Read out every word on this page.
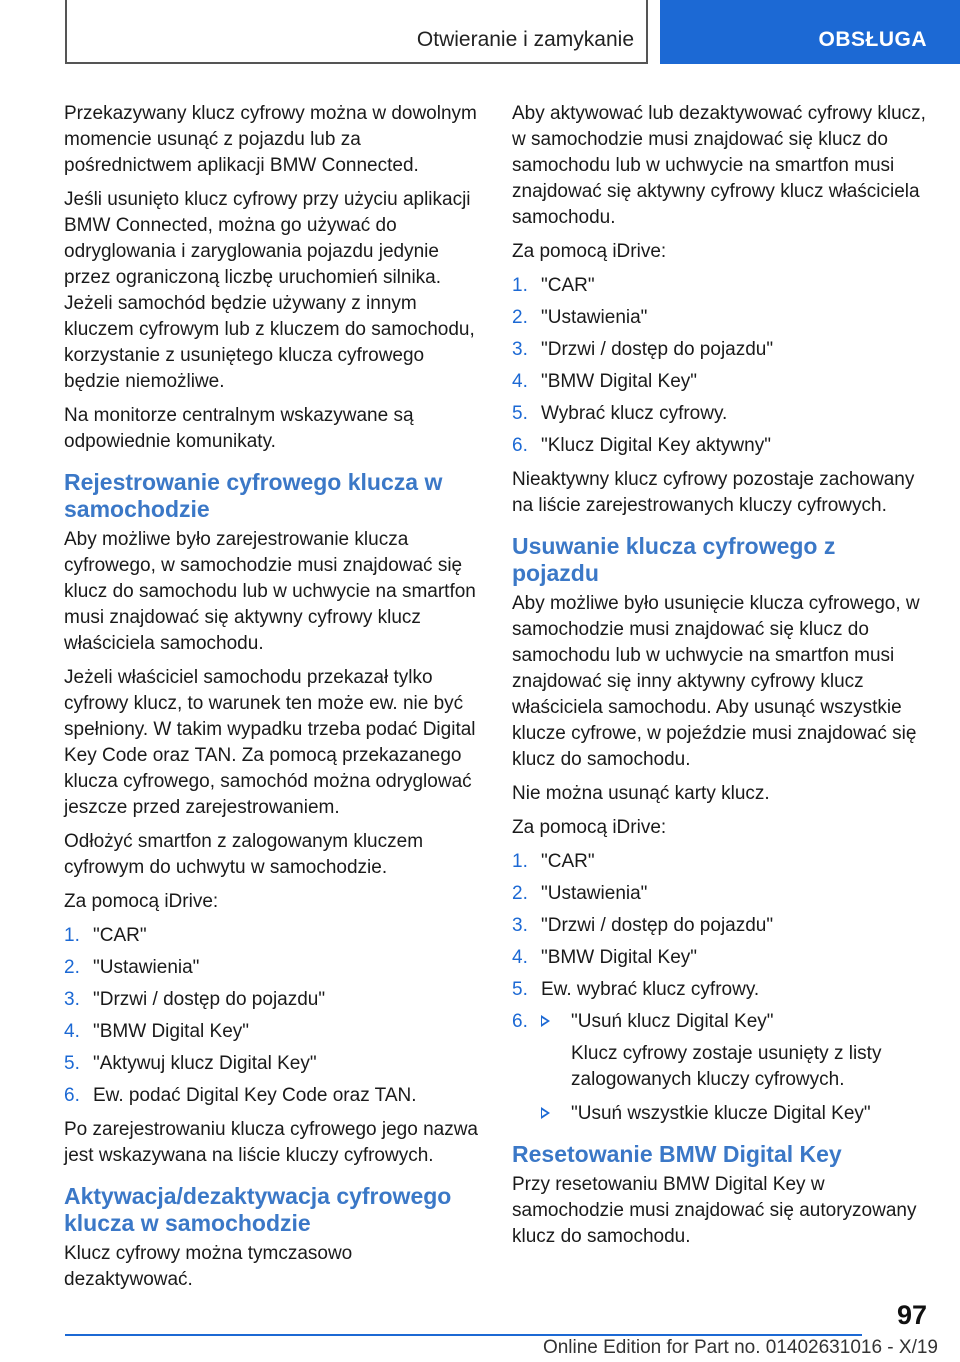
Otwieranie i zamykanie	OBSŁUGA

Przekazywany klucz cyfrowy można w dowolnym momencie usunąć z pojazdu lub za pośrednictwem aplikacji BMW Connected.

Jeśli usunięto klucz cyfrowy przy użyciu aplikacji BMW Connected, można go używać do odryglowania i zaryglowania pojazdu jedynie przez ograniczoną liczbę uruchomień silnika. Jeżeli samochód będzie używany z innym kluczem cyfrowym lub z kluczem do samochodu, korzystanie z usuniętego klucza cyfrowego będzie niemożliwe.

Na monitorze centralnym wskazywane są odpowiednie komunikaty.

Rejestrowanie cyfrowego klucza w samochodzie

Aby możliwe było zarejestrowanie klucza cyfrowego, w samochodzie musi znajdować się klucz do samochodu lub w uchwycie na smartfon musi znajdować się aktywny cyfrowy klucz właściciela samochodu.

Jeżeli właściciel samochodu przekazał tylko cyfrowy klucz, to warunek ten może ew. nie być spełniony. W takim wypadku trzeba podać Digital Key Code oraz TAN. Za pomocą przekazanego klucza cyfrowego, samochód można odryglować jeszcze przed zarejestrowaniem.

Odłożyć smartfon z zalogowanym kluczem cyfrowym do uchwytu w samochodzie.

Za pomocą iDrive:

1. "CAR"
2. "Ustawienia"
3. "Drzwi / dostęp do pojazdu"
4. "BMW Digital Key"
5. "Aktywuj klucz Digital Key"
6. Ew. podać Digital Key Code oraz TAN.

Po zarejestrowaniu klucza cyfrowego jego nazwa jest wskazywana na liście kluczy cyfrowych.

Aktywacja/dezaktywacja cyfrowego klucza w samochodzie

Klucz cyfrowy można tymczasowo dezaktywować.

Aby aktywować lub dezaktywować cyfrowy klucz, w samochodzie musi znajdować się klucz do samochodu lub w uchwycie na smartfon musi znajdować się aktywny cyfrowy klucz właściciela samochodu.

Za pomocą iDrive:

1. "CAR"
2. "Ustawienia"
3. "Drzwi / dostęp do pojazdu"
4. "BMW Digital Key"
5. Wybrać klucz cyfrowy.
6. "Klucz Digital Key aktywny"

Nieaktywny klucz cyfrowy pozostaje zachowany na liście zarejestrowanych kluczy cyfrowych.

Usuwanie klucza cyfrowego z pojazdu

Aby możliwe było usunięcie klucza cyfrowego, w samochodzie musi znajdować się klucz do samochodu lub w uchwycie na smartfon musi znajdować się inny aktywny cyfrowy klucz właściciela samochodu. Aby usunąć wszystkie klucze cyfrowe, w pojeździe musi znajdować się klucz do samochodu.

Nie można usunąć karty klucz.

Za pomocą iDrive:

1. "CAR"
2. "Ustawienia"
3. "Drzwi / dostęp do pojazdu"
4. "BMW Digital Key"
5. Ew. wybrać klucz cyfrowy.
6.	"Usuń klucz Digital Key"
Klucz cyfrowy zostaje usunięty z listy zalogowanych kluczy cyfrowych.
"Usuń wszystkie klucze Digital Key"
Resetowanie BMW Digital Key

Przy resetowaniu BMW Digital Key w samochodzie musi znajdować się autoryzowany klucz do samochodu.

97
Online Edition for Part no. 01402631016 - X/19
